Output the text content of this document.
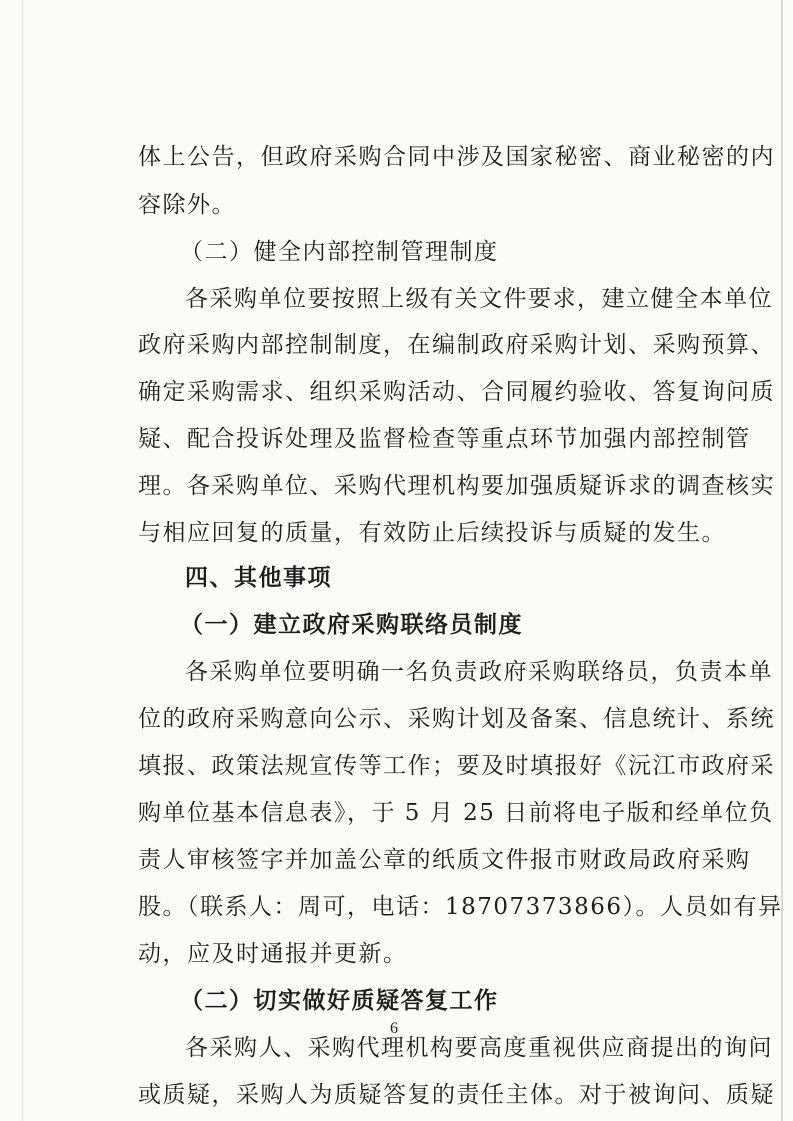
体上公告，但政府采购合同中涉及国家秘密、商业秘密的内
容除外。
（二）健全内部控制管理制度
各采购单位要按照上级有关文件要求，建立健全本单位
政府采购内部控制制度，在编制政府采购计划、采购预算、
确定采购需求、组织采购活动、合同履约验收、答复询问质
疑、配合投诉处理及监督检查等重点环节加强内部控制管
理。各采购单位、采购代理机构要加强质疑诉求的调查核实
与相应回复的质量，有效防止后续投诉与质疑的发生。
四、其他事项
（一）建立政府采购联络员制度
各采购单位要明确一名负责政府采购联络员，负责本单
位的政府采购意向公示、采购计划及备案、信息统计、系统
填报、政策法规宣传等工作；要及时填报好《沅江市政府采
购单位基本信息表》，于 5 月 25 日前将电子版和经单位负
责人审核签字并加盖公章的纸质文件报市财政局政府采购
股。（联系人：周可，电话：18707373866）。人员如有异
动，应及时通报并更新。
（二）切实做好质疑答复工作
各采购人、采购代理机构要高度重视供应商提出的询问
或质疑，采购人为质疑答复的责任主体。对于被询问、质疑
6
